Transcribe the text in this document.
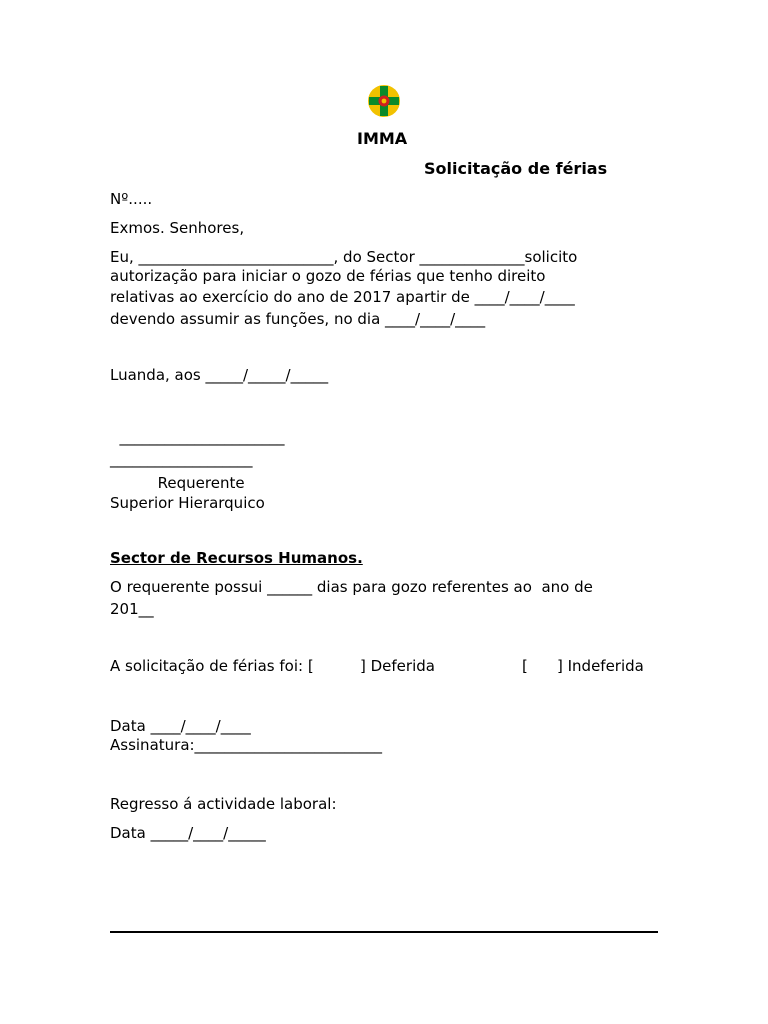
IMMA
Solicitação de férias
Nº.....
Exmos. Senhores,
Eu, __________________________, do Sector ______________solicito
autorização para iniciar o gozo de férias que tenho direito
relativas ao exercício do ano de 2017 apartir de ____/____/____
devendo assumir as funções, no dia ____/____/____
Luanda, aos _____/_____/_____
______________________
___________________
Requerente
Superior Hierarquico
Sector de Recursos Humanos.
O requerente possui ______ dias para gozo referentes ao  ano de
201__
A solicitação de férias foi: [	] Deferida	[ ] Indeferida
Data ____/____/____
Assinatura:_________________________
Regresso á actividade laboral:
Data _____/____/_____
